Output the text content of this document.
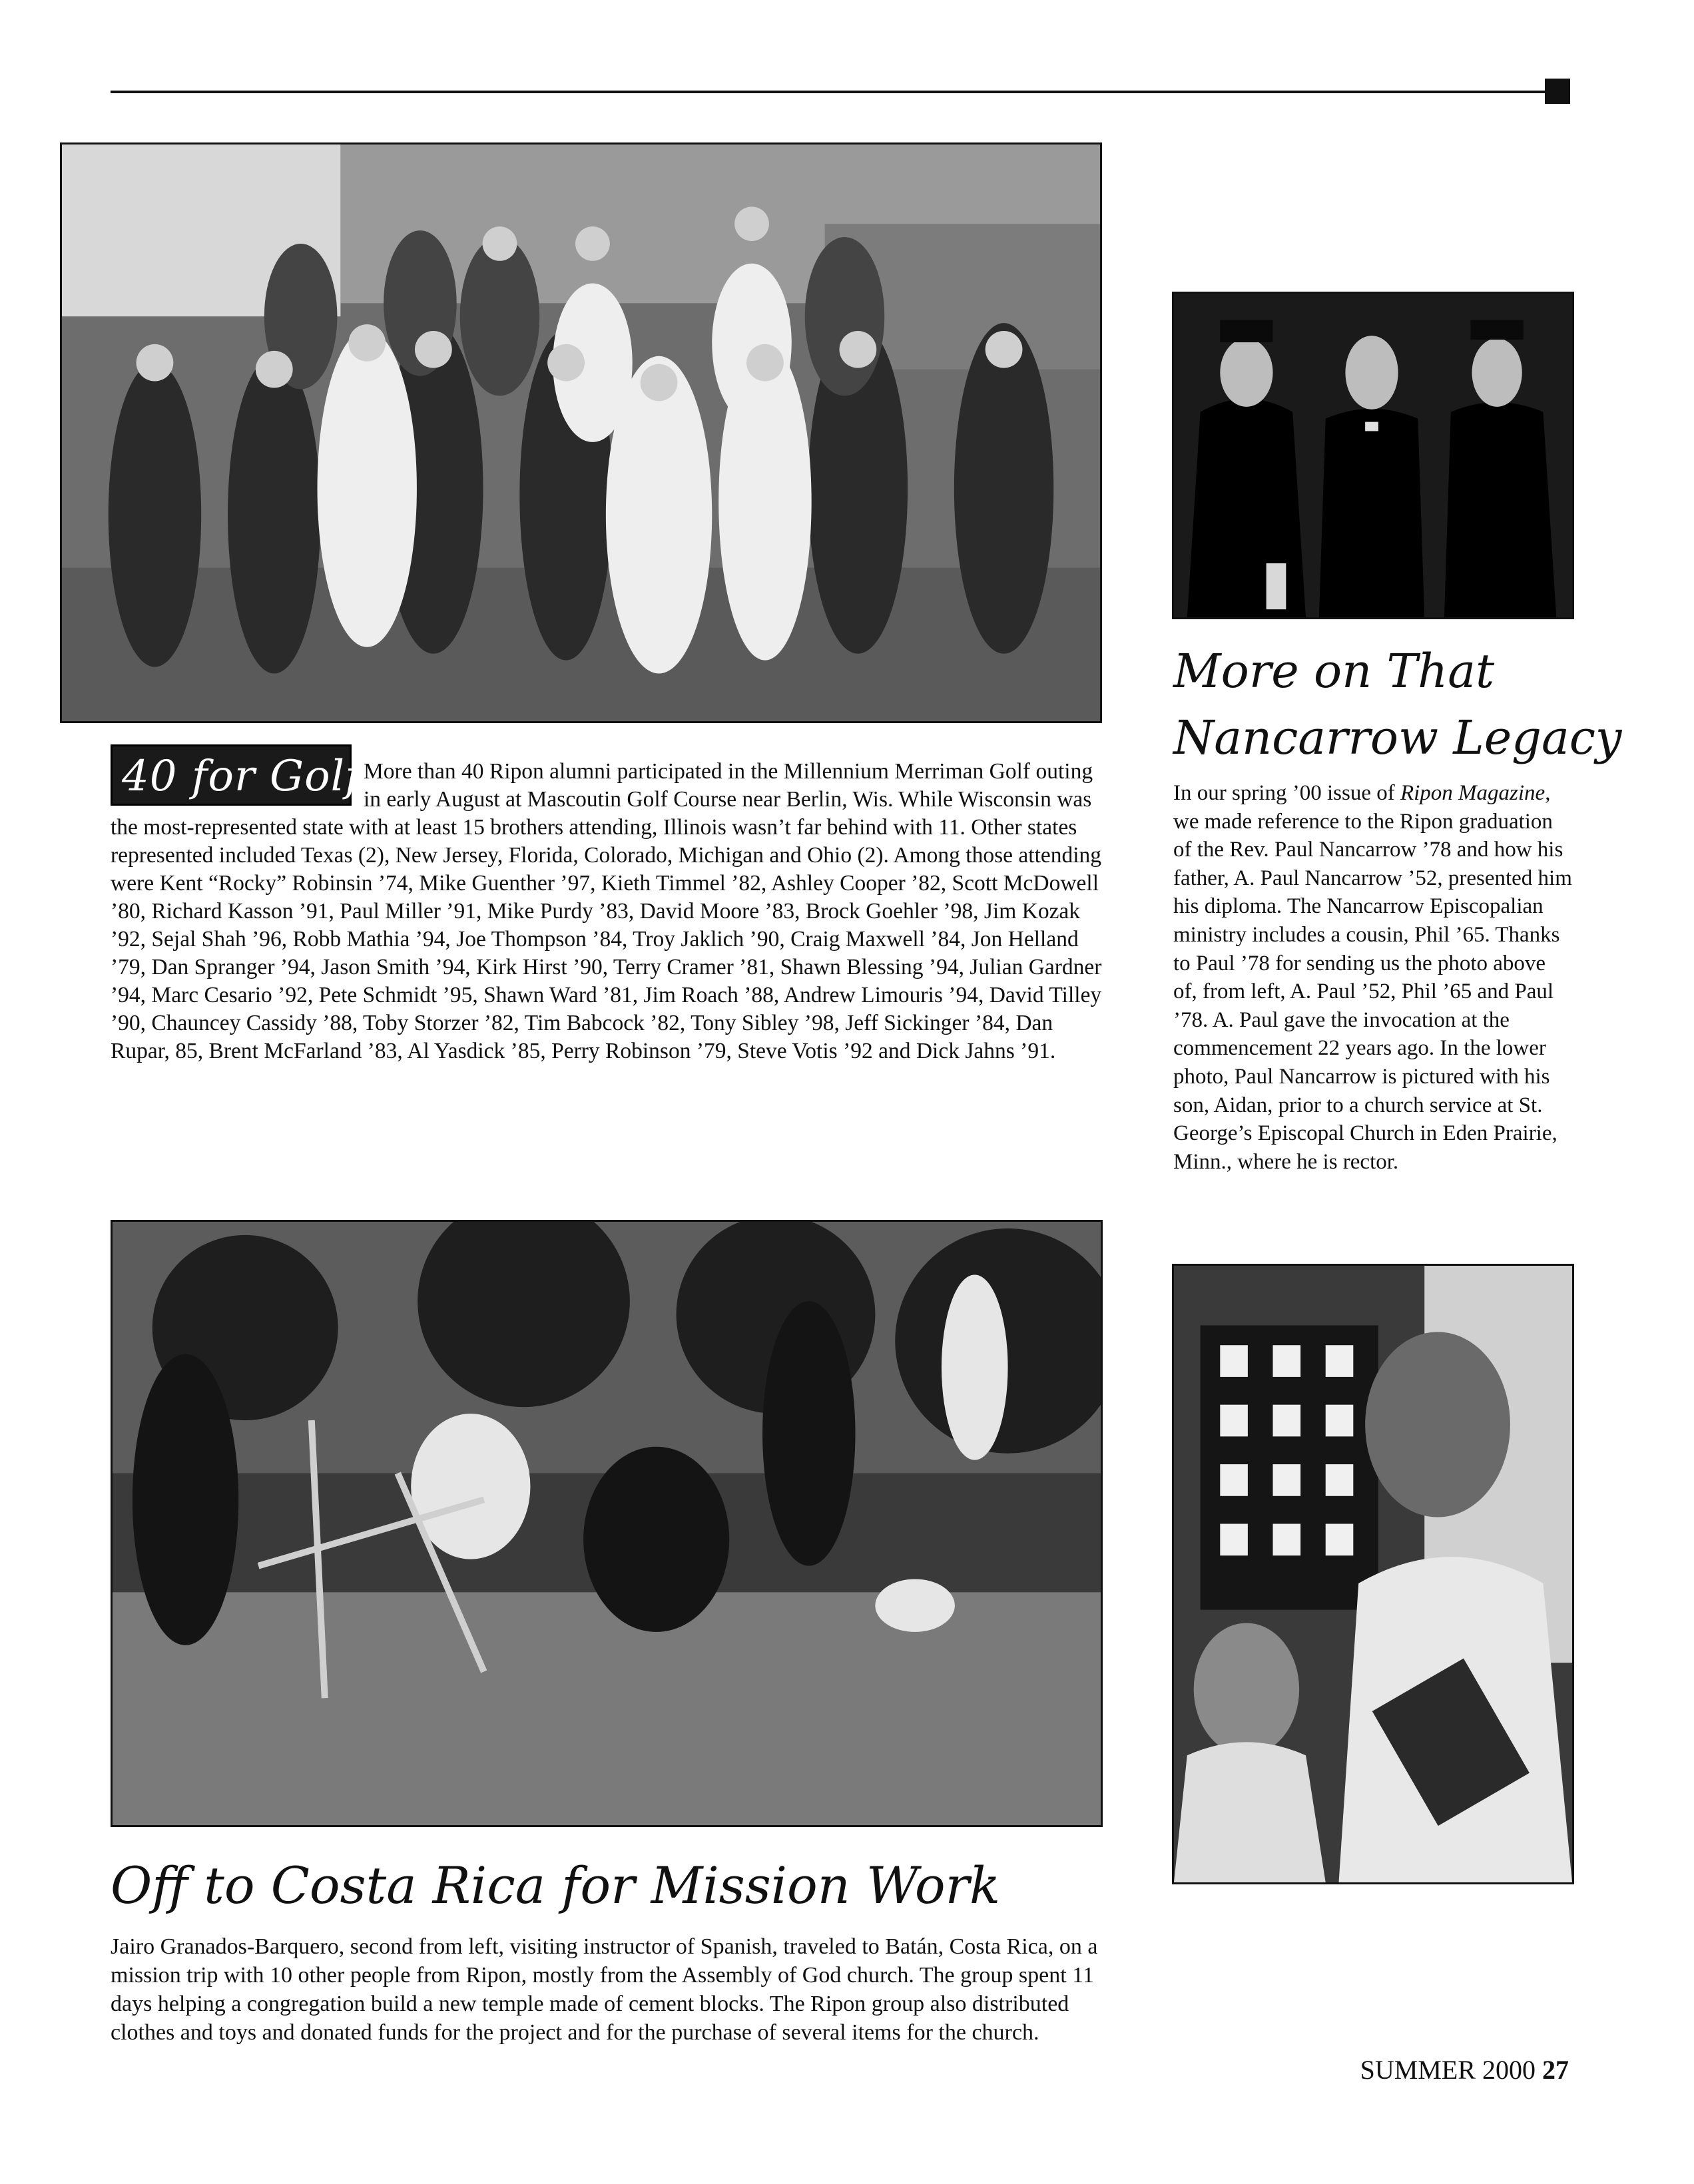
40 for Golf More than 40 Ripon alumni participated in the Millennium Merriman Golf outing in early August at Mascoutin Golf Course near Berlin, Wis. While Wisconsin was the most-represented state with at least 15 brothers attending, Illinois wasn’t far behind with 11. Other states represented included Texas (2), New Jersey, Florida, Colorado, Michigan and Ohio (2). Among those attending were Kent “Rocky” Robinsin ’74, Mike Guenther ’97, Kieth Timmel ’82, Ashley Cooper ’82, Scott McDowell ’80, Richard Kasson ’91, Paul Miller ’91, Mike Purdy ’83, David Moore ’83, Brock Goehler ’98, Jim Kozak ’92, Sejal Shah ’96, Robb Mathia ’94, Joe Thompson ’84, Troy Jaklich ’90, Craig Maxwell ’84, Jon Helland ’79, Dan Spranger ’94, Jason Smith ’94, Kirk Hirst ’90, Terry Cramer ’81, Shawn Blessing ’94, Julian Gardner ’94, Marc Cesario ’92, Pete Schmidt ’95, Shawn Ward ’81, Jim Roach ’88, Andrew Limouris ’94, David Tilley ’90, Chauncey Cassidy ’88, Toby Storzer ’82, Tim Babcock ’82, Tony Sibley ’98, Jeff Sickinger ’84, Dan Rupar, 85, Brent McFarland ’83, Al Yasdick ’85, Perry Robinson ’79, Steve Votis ’92 and Dick Jahns ’91.

More on That
Nancarrow Legacy

In our spring ’00 issue of Ripon Magazine, we made reference to the Ripon graduation of the Rev. Paul Nancarrow ’78 and how his father, A. Paul Nancarrow ’52, presented him his diploma. The Nancarrow Episcopalian ministry includes a cousin, Phil ’65. Thanks to Paul ’78 for sending us the photo above of, from left, A. Paul ’52, Phil ’65 and Paul ’78. A. Paul gave the invocation at the commencement 22 years ago. In the lower photo, Paul Nancarrow is pictured with his son, Aidan, prior to a church service at St. George’s Episcopal Church in Eden Prairie, Minn., where he is rector.

Off to Costa Rica for Mission Work

Jairo Granados-Barquero, second from left, visiting instructor of Spanish, traveled to Batán, Costa Rica, on a mission trip with 10 other people from Ripon, mostly from the Assembly of God church. The group spent 11 days helping a congregation build a new temple made of cement blocks. The Ripon group also distributed clothes and toys and donated funds for the project and for the purchase of several items for the church.

SUMMER 2000 27
